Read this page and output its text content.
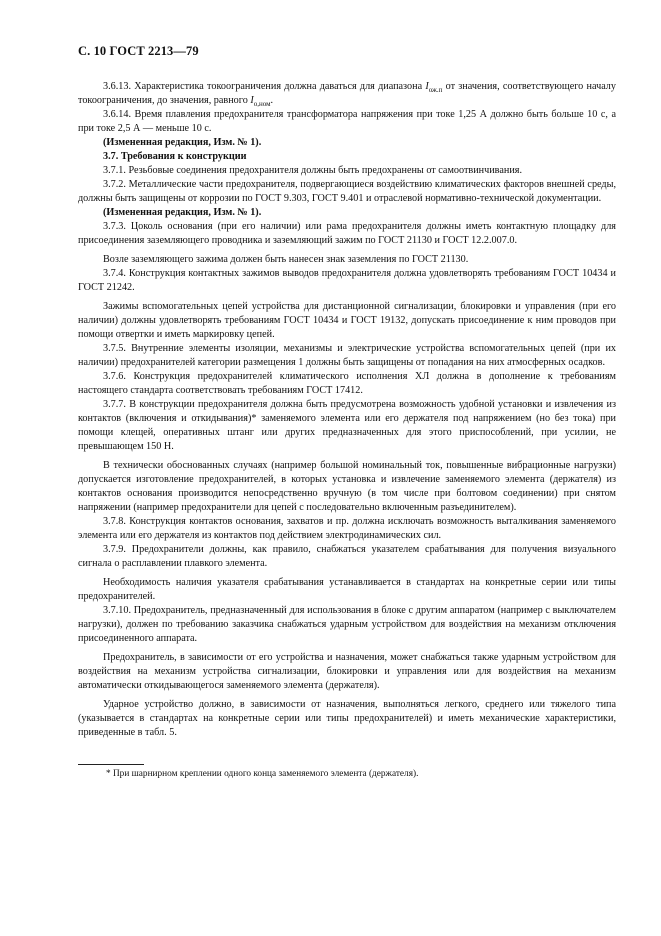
С. 10 ГОСТ 2213—79

3.6.13. Характеристика токоограничения должна даваться для диапазона $I_{ож.п}$ от значения, соответствующего началу токоограничения, до значения, равного $I_{о,ном}$.

3.6.14. Время плавления предохранителя трансформатора напряжения при токе 1,25 А должно быть больше 10 с, а при токе 2,5 А — меньше 10 с.

(Измененная редакция, Изм. № 1).

3.7. Требования к конструкции

3.7.1. Резьбовые соединения предохранителя должны быть предохранены от самоотвинчивания.

3.7.2. Металлические части предохранителя, подвергающиеся воздействию климатических факторов внешней среды, должны быть защищены от коррозии по ГОСТ 9.303, ГОСТ 9.401 и отраслевой нормативно-технической документации.

(Измененная редакция, Изм. № 1).

3.7.3. Цоколь основания (при его наличии) или рама предохранителя должны иметь контактную площадку для присоединения заземляющего проводника и заземляющий зажим по ГОСТ 21130 и ГОСТ 12.2.007.0.

Возле заземляющего зажима должен быть нанесен знак заземления по ГОСТ 21130.

3.7.4. Конструкция контактных зажимов выводов предохранителя должна удовлетворять требованиям ГОСТ 10434 и ГОСТ 21242.

Зажимы вспомогательных цепей устройства для дистанционной сигнализации, блокировки и управления (при его наличии) должны удовлетворять требованиям ГОСТ 10434 и ГОСТ 19132, допускать присоединение к ним проводов при помощи отвертки и иметь маркировку цепей.

3.7.5. Внутренние элементы изоляции, механизмы и электрические устройства вспомогательных цепей (при их наличии) предохранителей категории размещения 1 должны быть защищены от попадания на них атмосферных осадков.

3.7.6. Конструкция предохранителей климатического исполнения ХЛ должна в дополнение к требованиям настоящего стандарта соответствовать требованиям ГОСТ 17412.

3.7.7. В конструкции предохранителя должна быть предусмотрена возможность удобной установки и извлечения из контактов (включения и откидывания)* заменяемого элемента или его держателя под напряжением (но без тока) при помощи клещей, оперативных штанг или других предназначенных для этого приспособлений, при усилии, не превышающем 150 Н.

В технически обоснованных случаях (например большой номинальный ток, повышенные вибрационные нагрузки) допускается изготовление предохранителей, в которых установка и извлечение заменяемого элемента (держателя) из контактов основания производится непосредственно вручную (в том числе при болтовом соединении) при снятом напряжении (например предохранители для цепей с последовательно включенным разъединителем).

3.7.8. Конструкция контактов основания, захватов и пр. должна исключать возможность выталкивания заменяемого элемента или его держателя из контактов под действием электродинамических сил.

3.7.9. Предохранители должны, как правило, снабжаться указателем срабатывания для получения визуального сигнала о расплавлении плавкого элемента.

Необходимость наличия указателя срабатывания устанавливается в стандартах на конкретные серии или типы предохранителей.

3.7.10. Предохранитель, предназначенный для использования в блоке с другим аппаратом (например с выключателем нагрузки), должен по требованию заказчика снабжаться ударным устройством для воздействия на механизм отключения присоединенного аппарата.

Предохранитель, в зависимости от его устройства и назначения, может снабжаться также ударным устройством для воздействия на механизм устройства сигнализации, блокировки и управления или для воздействия на механизм автоматически откидывающегося заменяемого элемента (держателя).

Ударное устройство должно, в зависимости от назначения, выполняться легкого, среднего или тяжелого типа (указывается в стандартах на конкретные серии или типы предохранителей) и иметь механические характеристики, приведенные в табл. 5.

* При шарнирном креплении одного конца заменяемого элемента (держателя).
